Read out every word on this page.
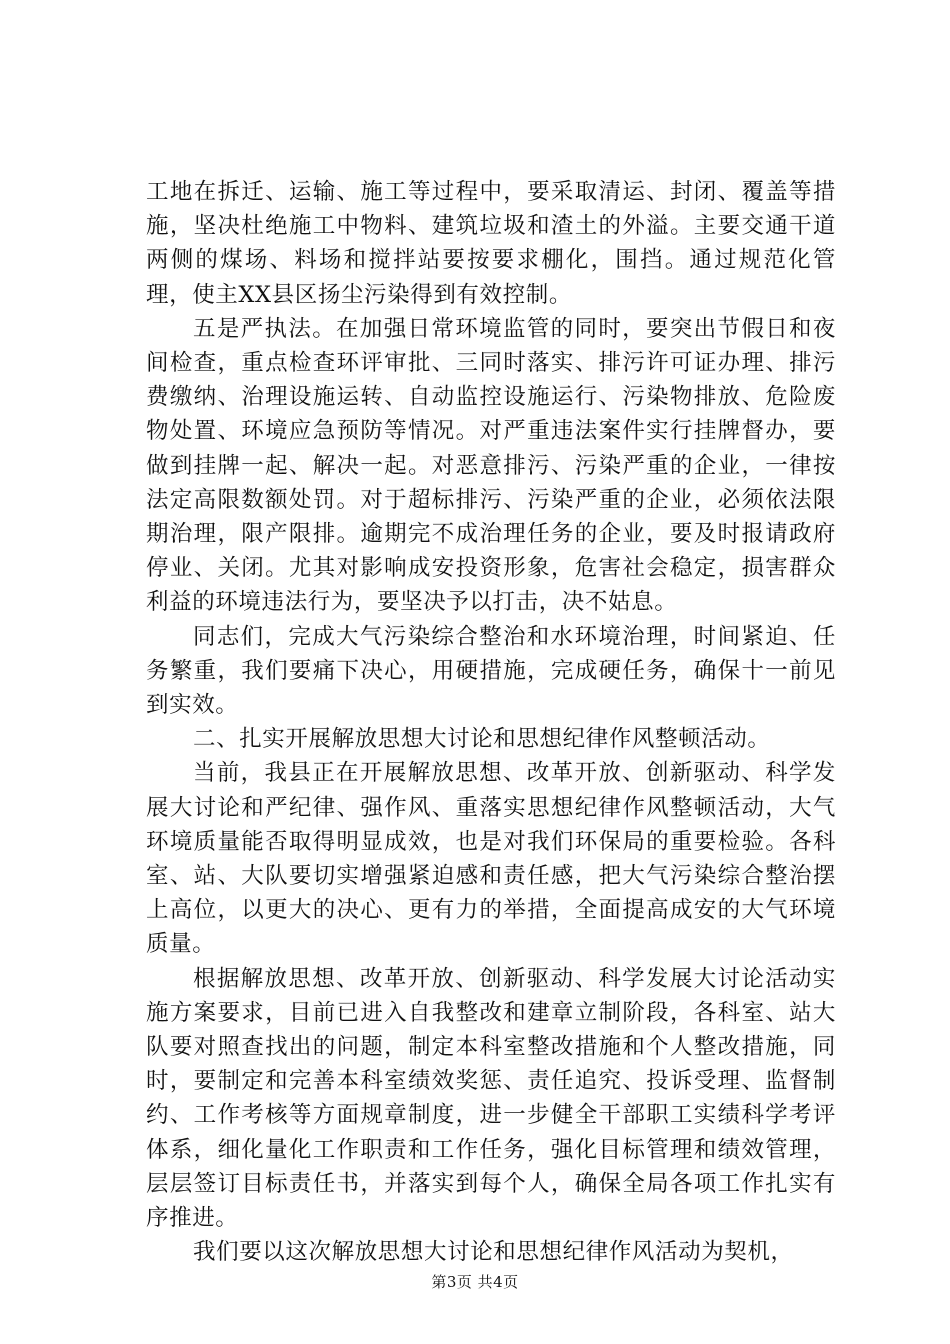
工地在拆迁、运输、施工等过程中，要采取清运、封闭、覆盖等措施，坚决杜绝施工中物料、建筑垃圾和渣土的外溢。主要交通干道两侧的煤场、料场和搅拌站要按要求棚化，围挡。通过规范化管理，使主XX县区扬尘污染得到有效控制。

五是严执法。在加强日常环境监管的同时，要突出节假日和夜间检查，重点检查环评审批、三同时落实、排污许可证办理、排污费缴纳、治理设施运转、自动监控设施运行、污染物排放、危险废物处置、环境应急预防等情况。对严重违法案件实行挂牌督办，要做到挂牌一起、解决一起。对恶意排污、污染严重的企业，一律按法定高限数额处罚。对于超标排污、污染严重的企业，必须依法限期治理，限产限排。逾期完不成治理任务的企业，要及时报请政府停业、关闭。尤其对影响成安投资形象，危害社会稳定，损害群众利益的环境违法行为，要坚决予以打击，决不姑息。

同志们，完成大气污染综合整治和水环境治理，时间紧迫、任务繁重，我们要痛下决心，用硬措施，完成硬任务，确保十一前见到实效。

二、扎实开展解放思想大讨论和思想纪律作风整顿活动。

当前，我县正在开展解放思想、改革开放、创新驱动、科学发展大讨论和严纪律、强作风、重落实思想纪律作风整顿活动，大气环境质量能否取得明显成效，也是对我们环保局的重要检验。各科室、站、大队要切实增强紧迫感和责任感，把大气污染综合整治摆上高位，以更大的决心、更有力的举措，全面提高成安的大气环境质量。

根据解放思想、改革开放、创新驱动、科学发展大讨论活动实施方案要求，目前已进入自我整改和建章立制阶段，各科室、站大队要对照查找出的问题，制定本科室整改措施和个人整改措施，同时，要制定和完善本科室绩效奖惩、责任追究、投诉受理、监督制约、工作考核等方面规章制度，进一步健全干部职工实绩科学考评体系，细化量化工作职责和工作任务，强化目标管理和绩效管理，层层签订目标责任书，并落实到每个人，确保全局各项工作扎实有序推进。

我们要以这次解放思想大讨论和思想纪律作风活动为契机，

第3页 共4页
